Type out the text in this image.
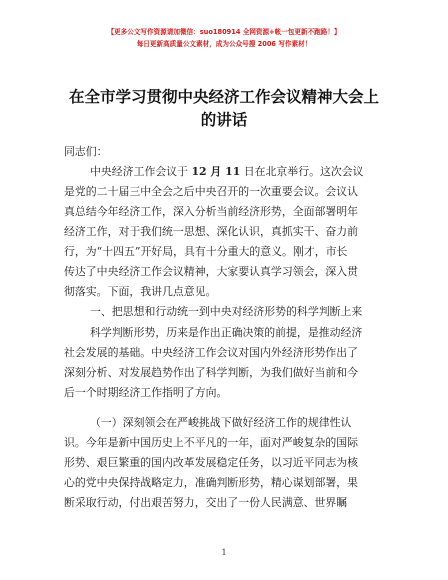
【更多公文写作资源请加微信：suo180914 全网资源+帐一包更新不跑路！】
每日更新高质量公文素材，成为公众号搜 2006 写作素材！
在全市学习贯彻中央经济工作会议精神大会上
的讲话
同志们：
中央经济工作会议于 12 月 11 日在北京举行。这次会议
是党的二十届三中全会之后中央召开的一次重要会议。会议认
真总结今年经济工作，深入分析当前经济形势，全面部署明年
经济工作，对于我们统一思想、深化认识，真抓实干、奋力前
行，为“十四五”开好局，具有十分重大的意义。刚才，市长
传达了中央经济工作会议精神，大家要认真学习领会，深入贯
彻落实。下面，我讲几点意见。
一、把思想和行动统一到中央对经济形势的科学判断上来
科学判断形势，历来是作出正确决策的前提，是推动经济
社会发展的基础。中央经济工作会议对国内外经济形势作出了
深刻分析、对发展趋势作出了科学判断，为我们做好当前和今
后一个时期经济工作指明了方向。
（一）深刻领会在严峻挑战下做好经济工作的规律性认
识。今年是新中国历史上不平凡的一年，面对严峻复杂的国际
形势、艰巨繁重的国内改革发展稳定任务，以习近平同志为核
心的党中央保持战略定力，准确判断形势，精心谋划部署，果
断采取行动，付出艰苦努力，交出了一份人民满意、世界瞩
1
